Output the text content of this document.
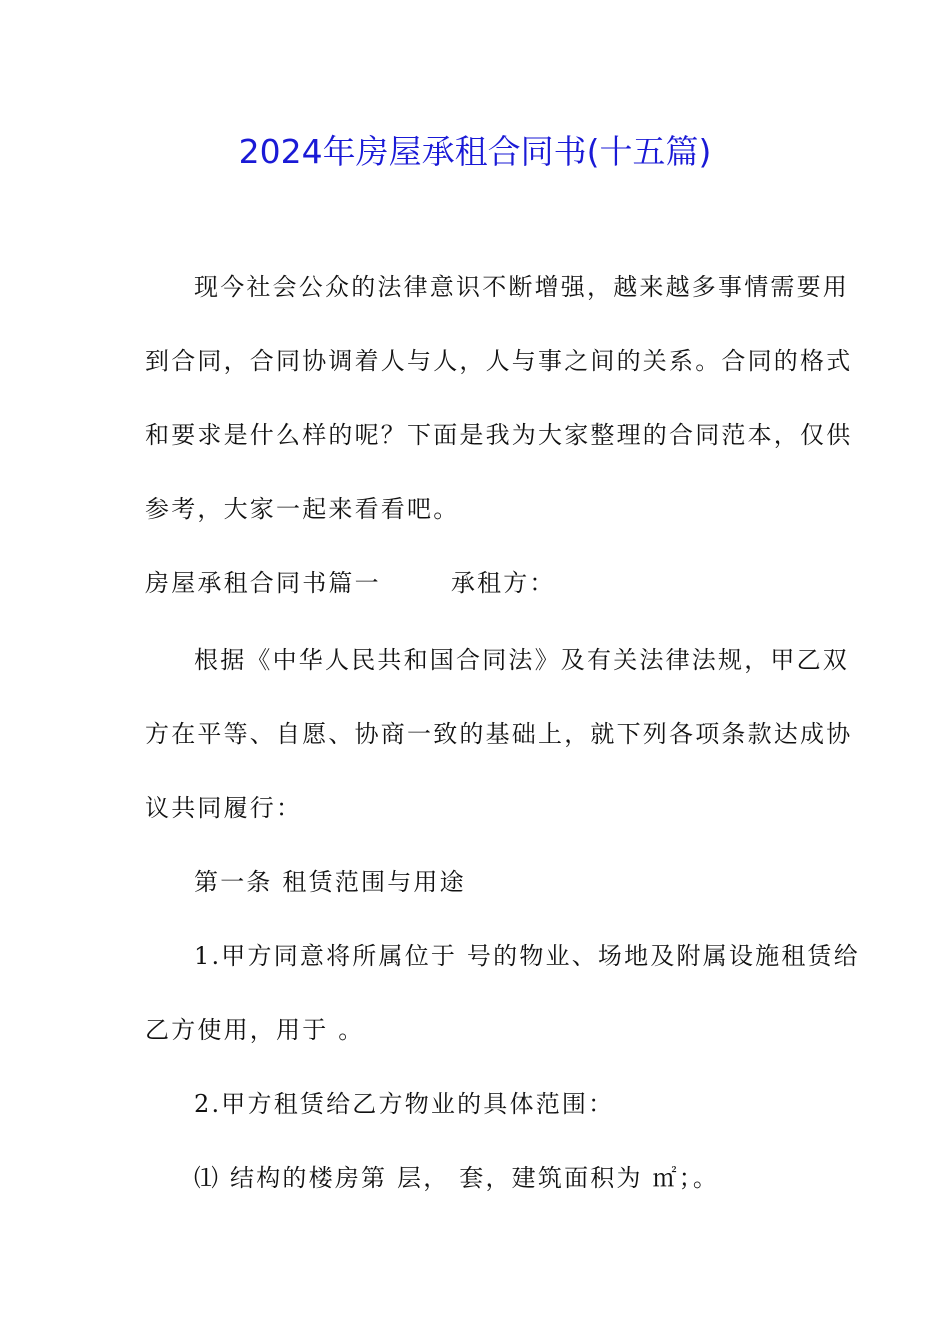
2024年房屋承租合同书(十五篇)
现今社会公众的法律意识不断增强，越来越多事情需要用
到合同，合同协调着人与人，人与事之间的关系。合同的格式
和要求是什么样的呢？下面是我为大家整理的合同范本，仅供
参考，大家一起来看看吧。
房屋承租合同书篇一	承租方：
根据《中华人民共和国合同法》及有关法律法规，甲乙双
方在平等、自愿、协商一致的基础上，就下列各项条款达成协
议共同履行：
第一条 租赁范围与用途
1.甲方同意将所属位于 号的物业、场地及附属设施租赁给
乙方使用，用于 。
2.甲方租赁给乙方物业的具体范围：
⑴ 结构的楼房第 层， 套，建筑面积为 ㎡；。
